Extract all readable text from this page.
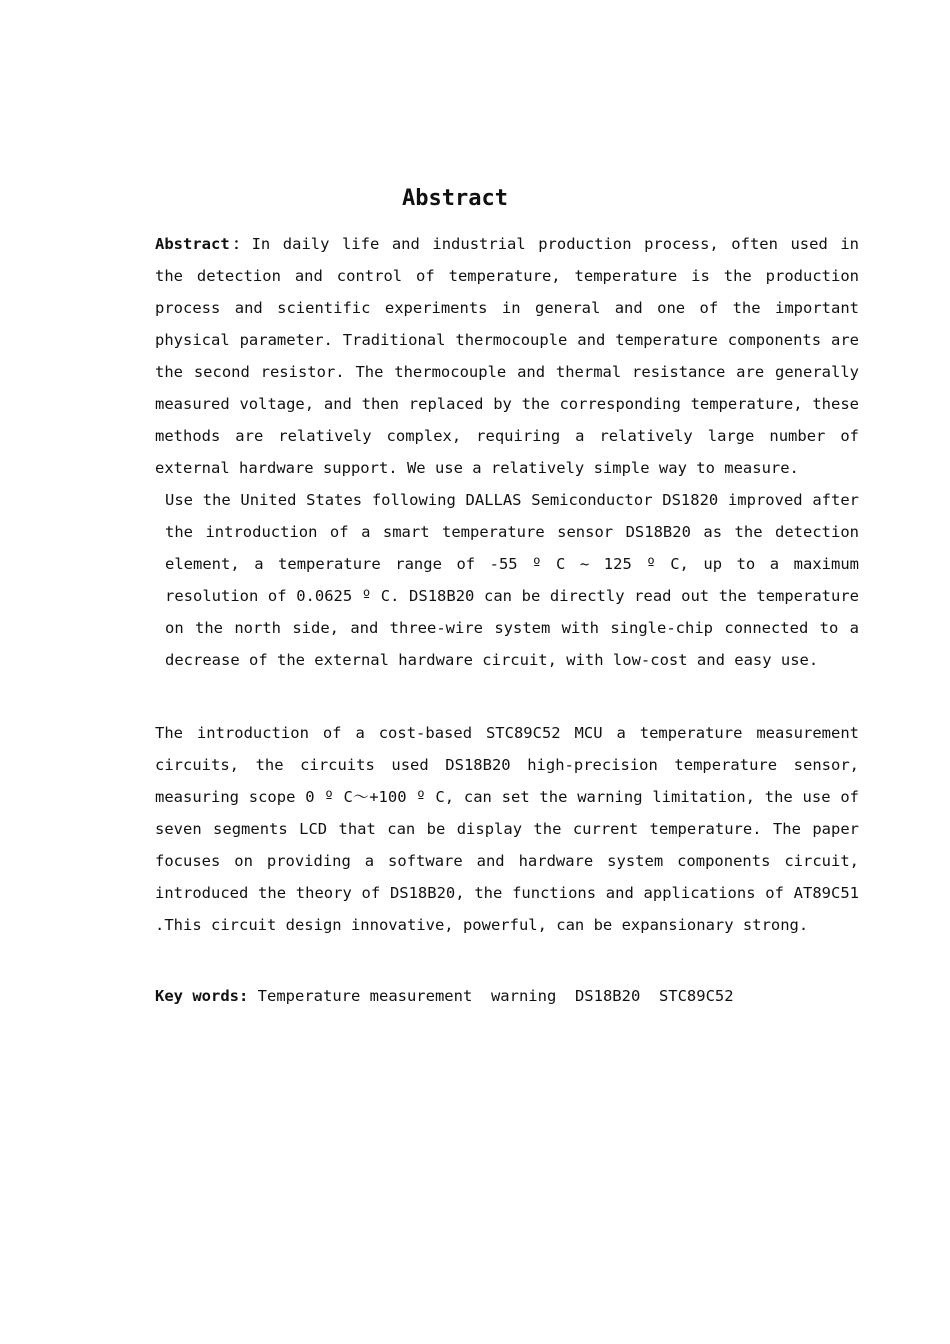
Abstract

Abstract：In daily life and industrial production process, often used in the detection and control of temperature, temperature is the production process and scientific experiments in general and one of the important physical parameter. Traditional thermocouple and temperature components are the second resistor. The thermocouple and thermal resistance are generally measured voltage, and then replaced by the corresponding temperature, these methods are relatively complex, requiring a relatively large number of external hardware support. We use a relatively simple way to measure.

Use the United States following DALLAS Semiconductor DS1820 improved after the introduction of a smart temperature sensor DS18B20 as the detection element, a temperature range of -55 º C ~ 125 º C, up to a maximum resolution of 0.0625 º C. DS18B20 can be directly read out the temperature on the north side, and three-wire system with single-chip connected to a decrease of the external hardware circuit, with low-cost and easy use.

The introduction of a cost-based STC89C52 MCU a temperature measurement circuits, the circuits used DS18B20 high-precision temperature sensor, measuring scope 0 º C～+100 º C, can set the warning limitation, the use of seven segments LCD that can be display the current temperature. The paper focuses on providing a software and hardware system components circuit, introduced the theory of DS18B20, the functions and applications of AT89C51 .This circuit design innovative, powerful, can be expansionary strong.

Key words: Temperature measurement  warning  DS18B20  STC89C52
